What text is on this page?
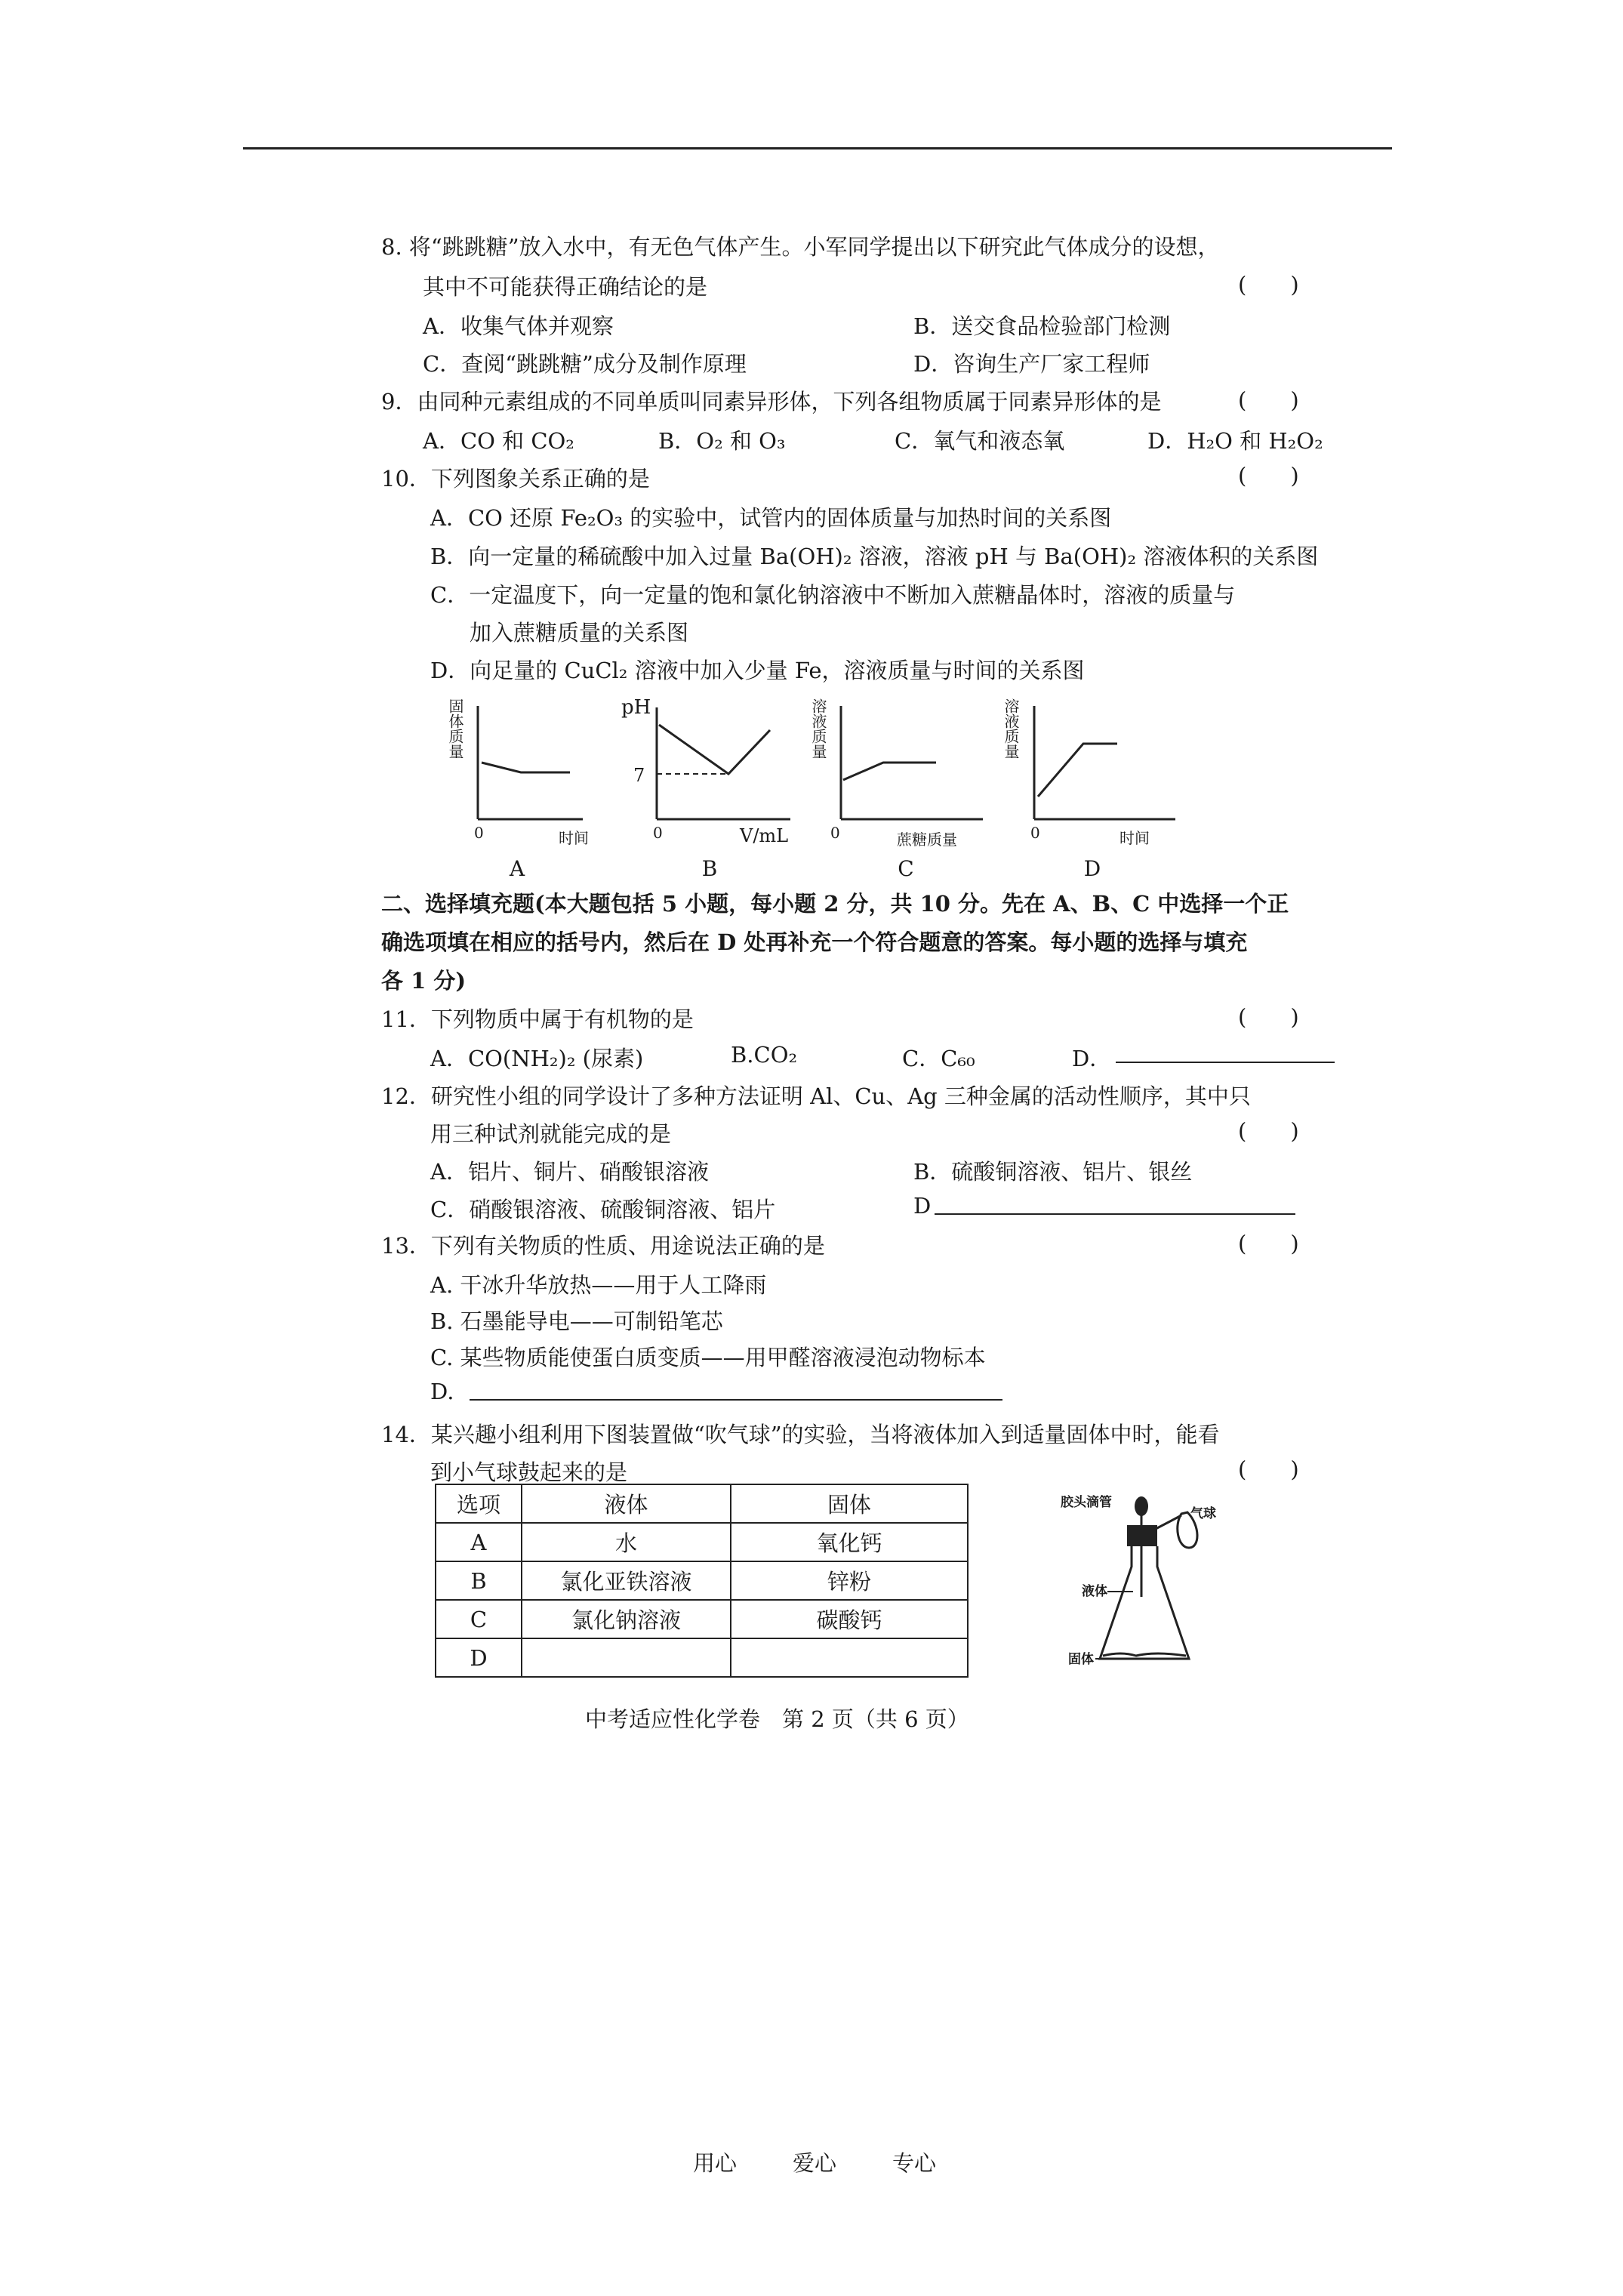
8. 将“跳跳糖”放入水中，有无色气体产生。小军同学提出以下研究此气体成分的设想，
其中不可能获得正确结论的是	(　　)
A．收集气体并观察	B．送交食品检验部门检测
C．查阅“跳跳糖”成分及制作原理	D．咨询生产厂家工程师
9．由同种元素组成的不同单质叫同素异形体，下列各组物质属于同素异形体的是	(　　)
A．CO 和 CO₂	B．O₂ 和 O₃	C．氧气和液态氧	D．H₂O 和 H₂O₂
10．下列图象关系正确的是	(　　)
A．CO 还原 Fe₂O₃ 的实验中，试管内的固体质量与加热时间的关系图
B．向一定量的稀硫酸中加入过量 Ba(OH)₂ 溶液，溶液 pH 与 Ba(OH)₂ 溶液体积的关系图
C．一定温度下，向一定量的饱和氯化钠溶液中不断加入蔗糖晶体时，溶液的质量与
加入蔗糖质量的关系图
D．向足量的 CuCl₂ 溶液中加入少量 Fe，溶液质量与时间的关系图
固体质量
0	时间
A
pH
7
0	V/mL
B
溶液质量
0	蔗糖质量
C
溶液质量
0	时间
D
二、选择填充题(本大题包括 5 小题，每小题 2 分，共 10 分。先在 A、B、C 中选择一个正
确选项填在相应的括号内，然后在 D 处再补充一个符合题意的答案。每小题的选择与填充
各 1 分)
11．下列物质中属于有机物的是	(　　)
A．CO(NH₂)₂ (尿素)	B.CO₂	C．C₆₀	D．
12．研究性小组的同学设计了多种方法证明 Al、Cu、Ag 三种金属的活动性顺序，其中只
用三种试剂就能完成的是	(　　)
A．铝片、铜片、硝酸银溶液	B．硫酸铜溶液、铝片、银丝
C．硝酸银溶液、硫酸铜溶液、铝片	D
13．下列有关物质的性质、用途说法正确的是	(　　)
A. 干冰升华放热——用于人工降雨
B. 石墨能导电——可制铅笔芯
C. 某些物质能使蛋白质变质——用甲醛溶液浸泡动物标本
D.
14．某兴趣小组利用下图装置做“吹气球”的实验，当将液体加入到适量固体中时，能看
到小气球鼓起来的是	(　　)
选项	液体	固体
A	水	氧化钙
B	氯化亚铁溶液	锌粉
C	氯化钠溶液	碳酸钙
D		
胶头滴管
气球
液体
固体
中考适应性化学卷　第 2 页（共 6 页）
用心	爱心	专心
